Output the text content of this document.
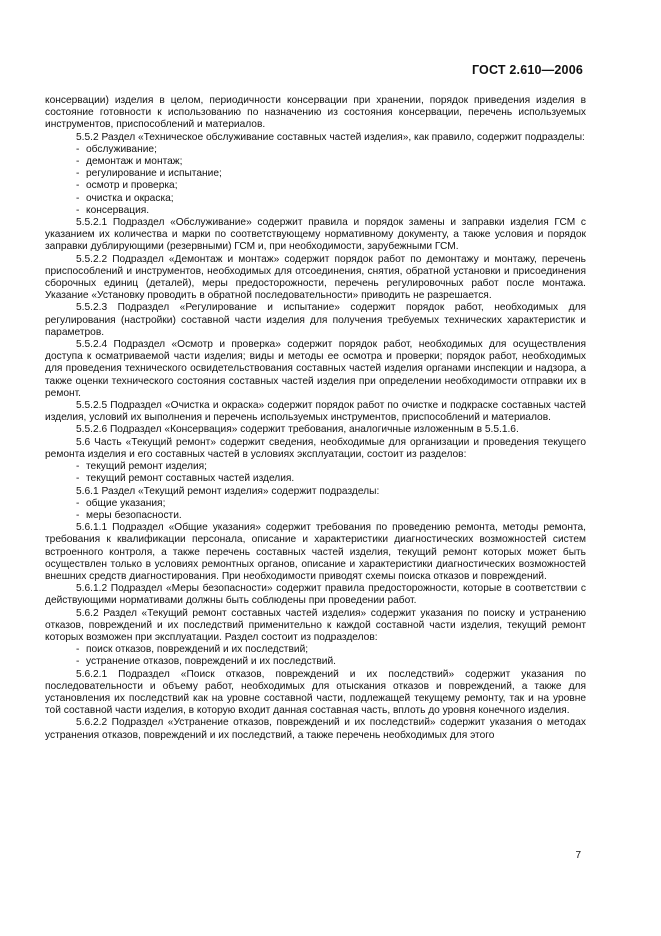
ГОСТ 2.610—2006

консервации) изделия в целом, периодичности консервации при хранении, порядок приведения изделия в состояние готовности к использованию по назначению из состояния консервации, перечень используемых инструментов, приспособлений и материалов.

5.5.2 Раздел «Техническое обслуживание составных частей изделия», как правило, содержит подразделы:

- обслуживание;
- демонтаж и монтаж;
- регулирование и испытание;
- осмотр и проверка;
- очистка и окраска;
- консервация.

5.5.2.1 Подраздел «Обслуживание» содержит правила и порядок замены и заправки изделия ГСМ с указанием их количества и марки по соответствующему нормативному документу, а также условия и порядок заправки дублирующими (резервными) ГСМ и, при необходимости, зарубежными ГСМ.

5.5.2.2 Подраздел «Демонтаж и монтаж» содержит порядок работ по демонтажу и монтажу, перечень приспособлений и инструментов, необходимых для отсоединения, снятия, обратной установки и присоединения сборочных единиц (деталей), меры предосторожности, перечень регулировочных работ после монтажа. Указание «Установку проводить в обратной последовательности» приводить не разрешается.

5.5.2.3 Подраздел «Регулирование и испытание» содержит порядок работ, необходимых для регулирования (настройки) составной части изделия для получения требуемых технических характеристик и параметров.

5.5.2.4 Подраздел «Осмотр и проверка» содержит порядок работ, необходимых для осуществления доступа к осматриваемой части изделия; виды и методы ее осмотра и проверки; порядок работ, необходимых для проведения технического освидетельствования составных частей изделия органами инспекции и надзора, а также оценки технического состояния составных частей изделия при определении необходимости отправки их в ремонт.

5.5.2.5 Подраздел «Очистка и окраска» содержит порядок работ по очистке и подкраске составных частей изделия, условий их выполнения и перечень используемых инструментов, приспособлений и материалов.

5.5.2.6 Подраздел «Консервация» содержит требования, аналогичные изложенным в 5.5.1.6.

5.6 Часть «Текущий ремонт» содержит сведения, необходимые для организации и проведения текущего ремонта изделия и его составных частей в условиях эксплуатации, состоит из разделов:

- текущий ремонт изделия;
- текущий ремонт составных частей изделия.

5.6.1 Раздел «Текущий ремонт изделия» содержит подразделы:

- общие указания;
- меры безопасности.

5.6.1.1 Подраздел «Общие указания» содержит требования по проведению ремонта, методы ремонта, требования к квалификации персонала, описание и характеристики диагностических возможностей систем встроенного контроля, а также перечень составных частей изделия, текущий ремонт которых может быть осуществлен только в условиях ремонтных органов, описание и характеристики диагностических возможностей внешних средств диагностирования. При необходимости приводят схемы поиска отказов и повреждений.

5.6.1.2 Подраздел «Меры безопасности» содержит правила предосторожности, которые в соответствии с действующими нормативами должны быть соблюдены при проведении работ.

5.6.2 Раздел «Текущий ремонт составных частей изделия» содержит указания по поиску и устранению отказов, повреждений и их последствий применительно к каждой составной части изделия, текущий ремонт которых возможен при эксплуатации. Раздел состоит из подразделов:

- поиск отказов, повреждений и их последствий;
- устранение отказов, повреждений и их последствий.

5.6.2.1 Подраздел «Поиск отказов, повреждений и их последствий» содержит указания по последовательности и объему работ, необходимых для отыскания отказов и повреждений, а также для установления их последствий как на уровне составной части, подлежащей текущему ремонту, так и на уровне той составной части изделия, в которую входит данная составная часть, вплоть до уровня конечного изделия.

5.6.2.2 Подраздел «Устранение отказов, повреждений и их последствий» содержит указания о методах устранения отказов, повреждений и их последствий, а также перечень необходимых для этого

7
